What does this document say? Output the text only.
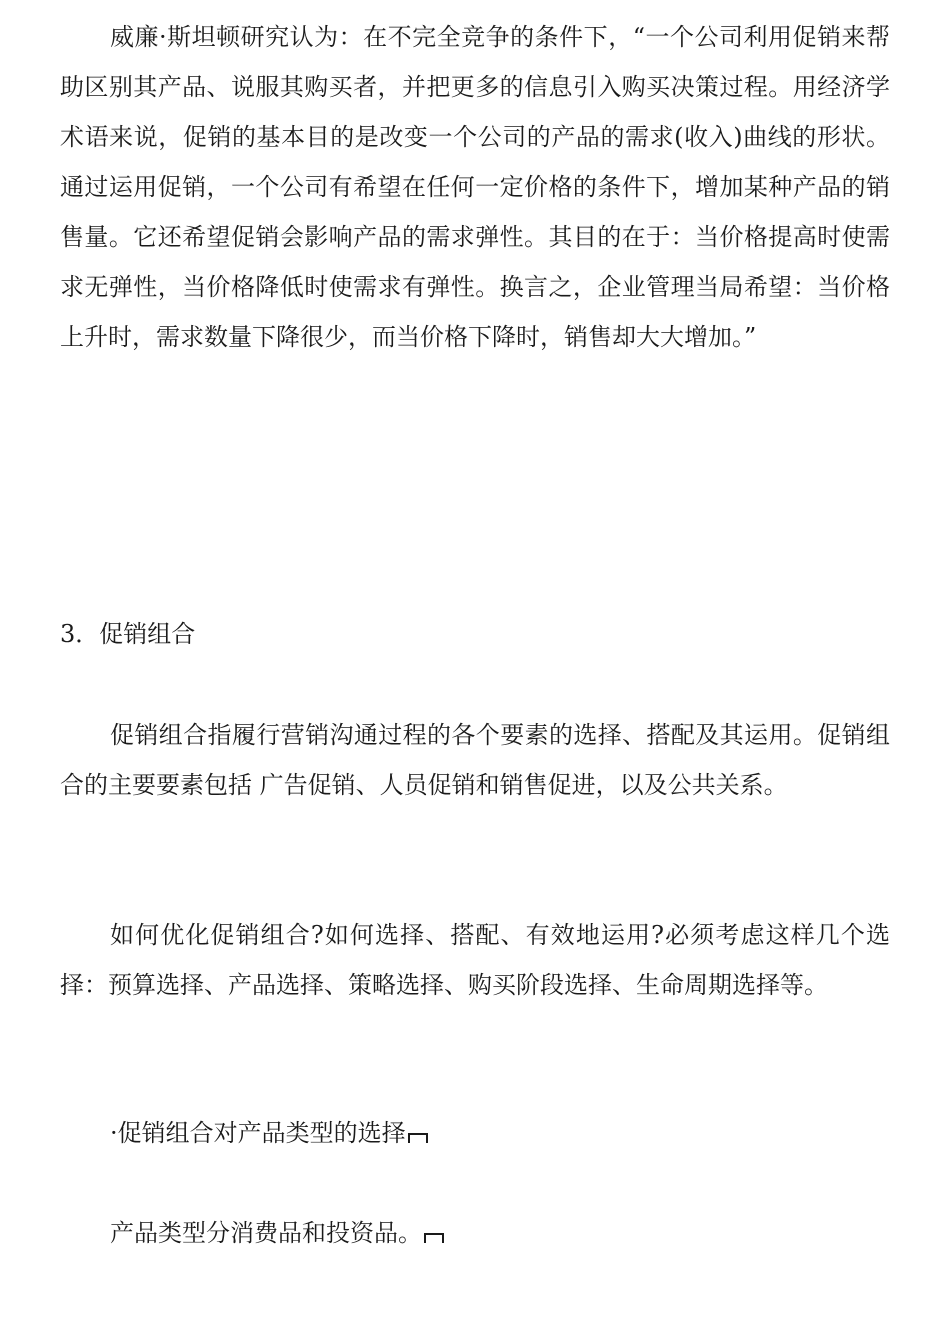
威廉·斯坦顿研究认为：在不完全竞争的条件下，“一个公司利用促销来帮助区别其产品、说服其购买者，并把更多的信息引入购买决策过程。用经济学术语来说，促销的基本目的是改变一个公司的产品的需求(收入)曲线的形状。通过运用促销，一个公司有希望在任何一定价格的条件下，增加某种产品的销售量。它还希望促销会影响产品的需求弹性。其目的在于：当价格提高时使需求无弹性，当价格降低时使需求有弹性。换言之，企业管理当局希望：当价格上升时，需求数量下降很少，而当价格下降时，销售却大大增加。”

3．促销组合

促销组合指履行营销沟通过程的各个要素的选择、搭配及其运用。促销组合的主要要素包括 广告促销、人员促销和销售促进，以及公共关系。

如何优化促销组合?如何选择、搭配、有效地运用?必须考虑这样几个选择：预算选择、产品选择、策略选择、购买阶段选择、生命周期选择等。

·促销组合对产品类型的选择

产品类型分消费品和投资品。
